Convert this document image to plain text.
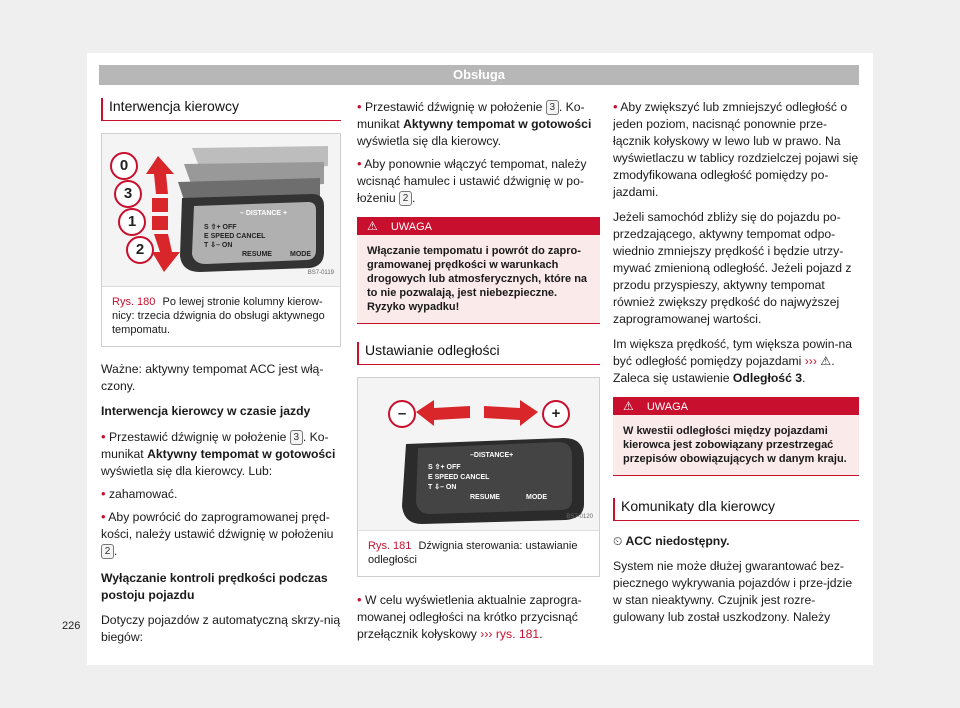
Obsługa
Interwencja kierowcy
– DISTANCE +
S ⇧+ OFF
E SPEED CANCEL
T ⇩– ON
RESUME	MODE
0
3
1
2
BS7-0119
Rys. 180 Po lewej stronie kolumny kierow-nicy: trzecia dźwignia do obsługi aktywnego tempomatu.

Ważne: aktywny tempomat ACC jest włą-czony.

Interwencja kierowcy w czasie jazdy

• Przestawić dźwignię w położenie 3 . Ko-munikat Aktywny tempomat w gotowości wyświetla się dla kierowcy. Lub:
• zahamować.
• Aby powrócić do zaprogramowanej pręd-kości, należy ustawić dźwignię w położeniu 2 .

Wyłączanie kontroli prędkości podczas postoju pojazdu

Dotyczy pojazdów z automatyczną skrzy-nią biegów:

• Przestawić dźwignię w położenie 3 . Ko-munikat Aktywny tempomat w gotowości wyświetla się dla kierowcy.
• Aby ponownie włączyć tempomat, należy wcisnąć hamulec i ustawić dźwignię w po-łożeniu 2 .
⚠ UWAGA
Włączanie tempomatu i powrót do zapro-gramowanej prędkości w warunkach drogowych lub atmosferycznych, które na to nie pozwalają, jest niebezpieczne. Ryzyko wypadku!
Ustawianie odległości
–	+
–DISTANCE+
S ⇧+ OFF
E SPEED CANCEL
T ⇩– ON
RESUME	MODE
BS7-0120
Rys. 181 Dźwignia sterowania: ustawianie odległości
• W celu wyświetlenia aktualnie zaprogra-mowanej odległości na krótko przycisnąć przełącznik kołyskowy ››› rys. 181.
• Aby zwiększyć lub zmniejszyć odległość o jeden poziom, nacisnąć ponownie prze-łącznik kołyskowy w lewo lub w prawo. Na wyświetlaczu w tablicy rozdzielczej pojawi się zmodyfikowana odległość pomiędzy po-jazdami.

Jeżeli samochód zbliży się do pojazdu po-przedzającego, aktywny tempomat odpo-wiednio zmniejszy prędkość i będzie utrzy-mywać zmienioną odległość. Jeżeli pojazd z przodu przyspieszy, aktywny tempomat również zwiększy prędkość do najwyższej zaprogramowanej wartości.

Im większa prędkość, tym większa powin-na być odległość pomiędzy pojazdami ››› ⚠. Zaleca się ustawienie Odległość 3.

⚠ UWAGA
W kwestii odległości między pojazdami kierowca jest zobowiązany przestrzegać przepisów obowiązujących w danym kraju.
Komunikaty dla kierowcy

⏲ ACC niedostępny.

System nie może dłużej gwarantować bez-piecznego wykrywania pojazdów i prze-jdzie w stan nieaktywny. Czujnik jest rozre-gulowany lub został uszkodzony. Należy

226
